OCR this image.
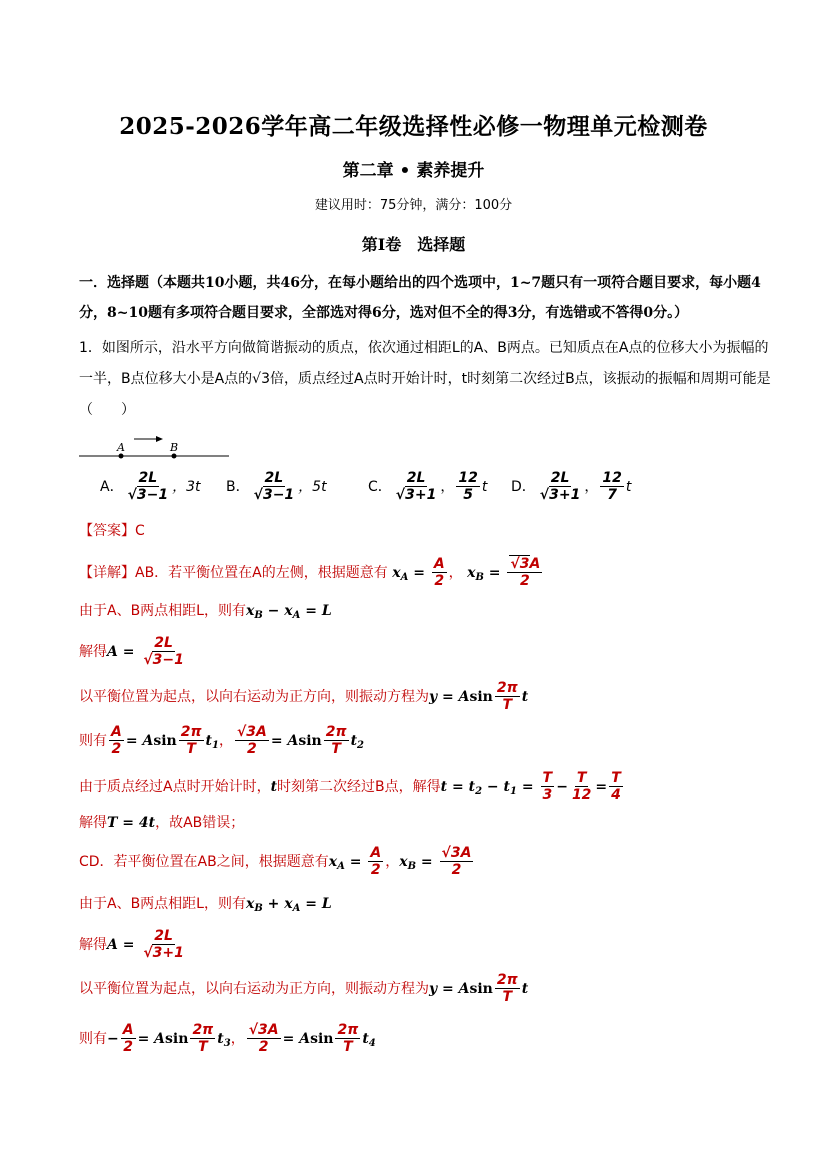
2025-2026学年高二年级选择性必修一物理单元检测卷
第二章 • 素养提升
建议用时：75分钟，满分：100分
第I卷　选择题
一．选择题（本题共10小题，共46分，在每小题给出的四个选项中，1~7题只有一项符合题目要求，每小题4分，8~10题有多项符合题目要求，全部选对得6分，选对但不全的得3分，有选错或不答得0分。）
1．如图所示，沿水平方向做简谐振动的质点，依次通过相距L的A、B两点。已知质点在A点的位移大小为振幅的一半，B点位移大小是A点的√3倍，质点经过A点时开始计时，t时刻第二次经过B点，该振动的振幅和周期可能是（　　）
A	B
A． $\frac{2L}{√3-1}$ ，3t B． $\frac{2L}{√3-1}$ ，5t	C． $\frac{2L}{√3+1}$ ， $\frac{12}{5}$ t D． $\frac{2L}{√3+1}$ ， $\frac{12}{7}$ t
【答案】C
【详解】AB．若平衡位置在A的左侧，根据题意有 $x_A = \frac{A}{2}$ ， $x_B = \frac{√3A}{2}$
由于A、B两点相距L，则有$x_B - x_A = L$
解得$A = \frac{2L}{√3-1}$
以平衡位置为起点，以向右运动为正方向，则振动方程为y = Asin $\frac{2\pi}{T}$ t
则有 $\frac{A}{2} = Asin \frac{2\pi}{T} t_1$， $\frac{√3A}{2} = Asin \frac{2\pi}{T} t_2$
由于质点经过A点时开始计时，t时刻第二次经过B点，解得$t = t_2 - t_1 = \frac{T}{3} - \frac{T}{12} = \frac{T}{4}$
解得T = 4t，故AB错误；
CD．若平衡位置在AB之间，根据题意有$x_A = \frac{A}{2}$ ，$x_B = \frac{√3A}{2}$
由于A、B两点相距L，则有$x_B + x_A = L$
解得$A = \frac{2L}{√3+1}$
以平衡位置为起点，以向右运动为正方向，则振动方程为y = Asin $\frac{2\pi}{T}$ t
则有− $\frac{A}{2} = Asin \frac{2\pi}{T} t_3$， $\frac{√3A}{2} = Asin \frac{2\pi}{T} t_4$
